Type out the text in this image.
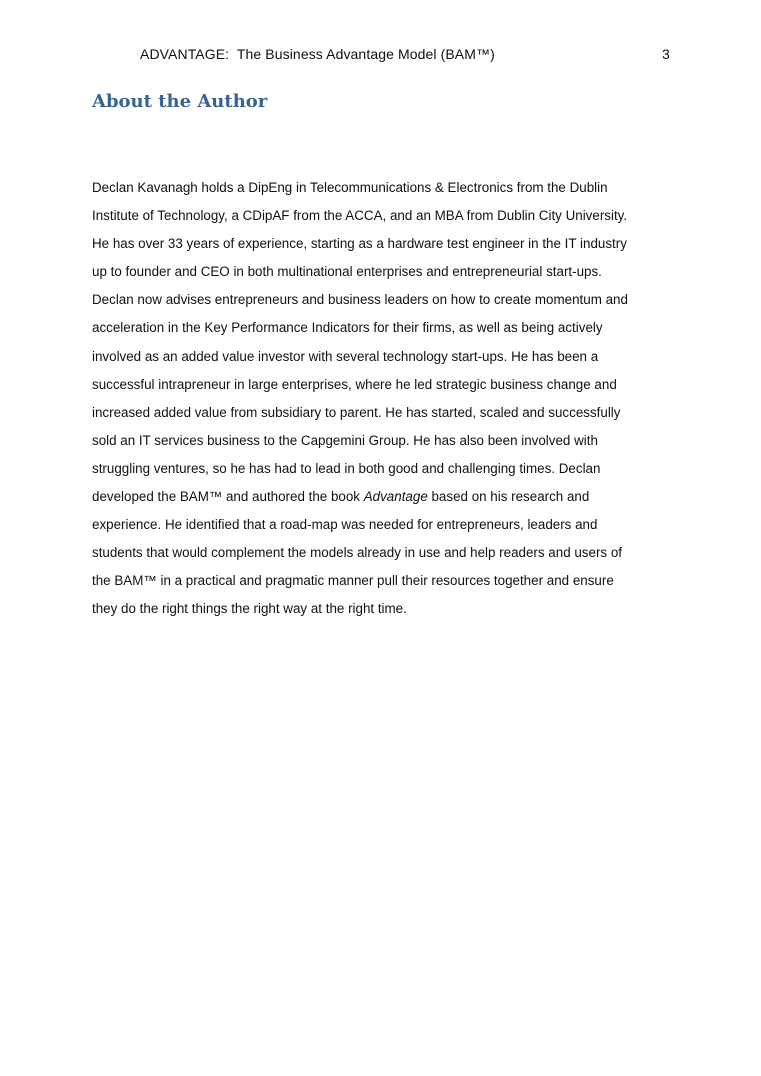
ADVANTAGE:  The Business Advantage Model (BAM™)	3
About the Author
Declan Kavanagh holds a DipEng in Telecommunications & Electronics from the Dublin
Institute of Technology, a CDipAF from the ACCA, and an MBA from Dublin City University.
He has over 33 years of experience, starting as a hardware test engineer in the IT industry
up to founder and CEO in both multinational enterprises and entrepreneurial start-ups.
Declan now advises entrepreneurs and business leaders on how to create momentum and
acceleration in the Key Performance Indicators for their firms, as well as being actively
involved as an added value investor with several technology start-ups. He has been a
successful intrapreneur in large enterprises, where he led strategic business change and
increased added value from subsidiary to parent. He has started, scaled and successfully
sold an IT services business to the Capgemini Group. He has also been involved with
struggling ventures, so he has had to lead in both good and challenging times. Declan
developed the BAM™ and authored the book Advantage based on his research and
experience. He identified that a road-map was needed for entrepreneurs, leaders and
students that would complement the models already in use and help readers and users of
the BAM™ in a practical and pragmatic manner pull their resources together and ensure
they do the right things the right way at the right time.
